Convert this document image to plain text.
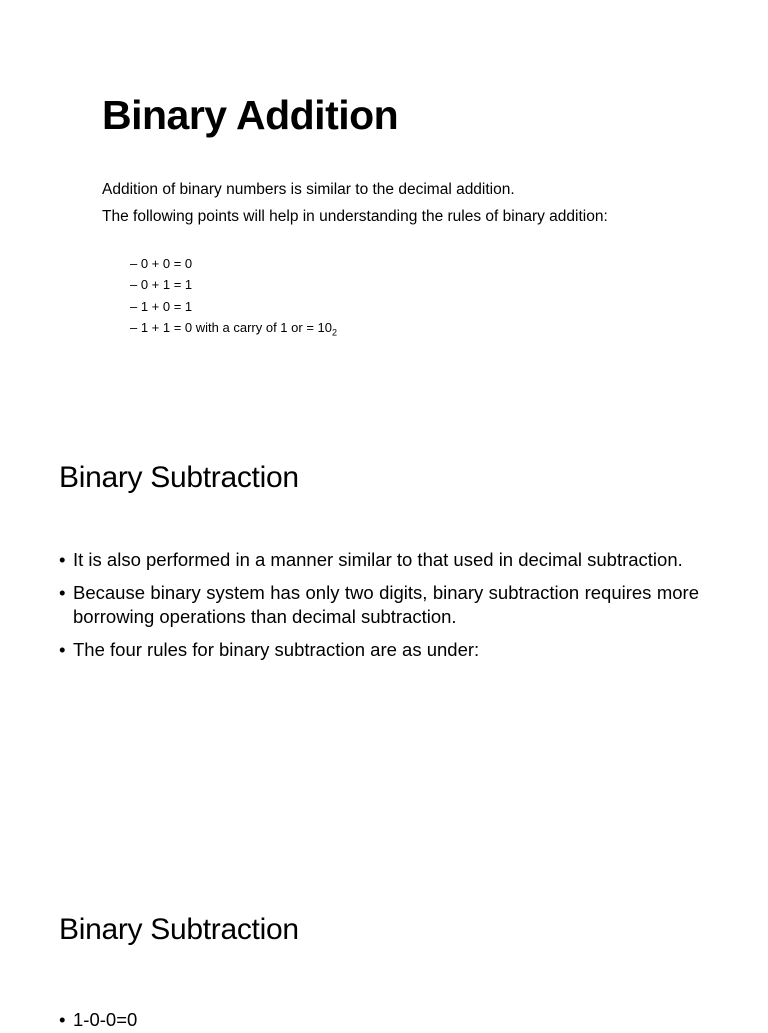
Binary Addition

Addition of binary numbers is similar to the decimal addition.

The following points will help in understanding the rules of binary addition:

– 0 + 0 = 0
– 0 + 1 = 1
– 1 + 0 = 1
– 1 + 1 = 0 with a carry of 1 or = $10_2$
Binary Subtraction
• It is also performed in a manner similar to that used in decimal subtraction.
• Because binary system has only two digits, binary subtraction requires more borrowing operations than decimal subtraction.
• The four rules for binary subtraction are as under:
Binary Subtraction
• 1-0-0=0
